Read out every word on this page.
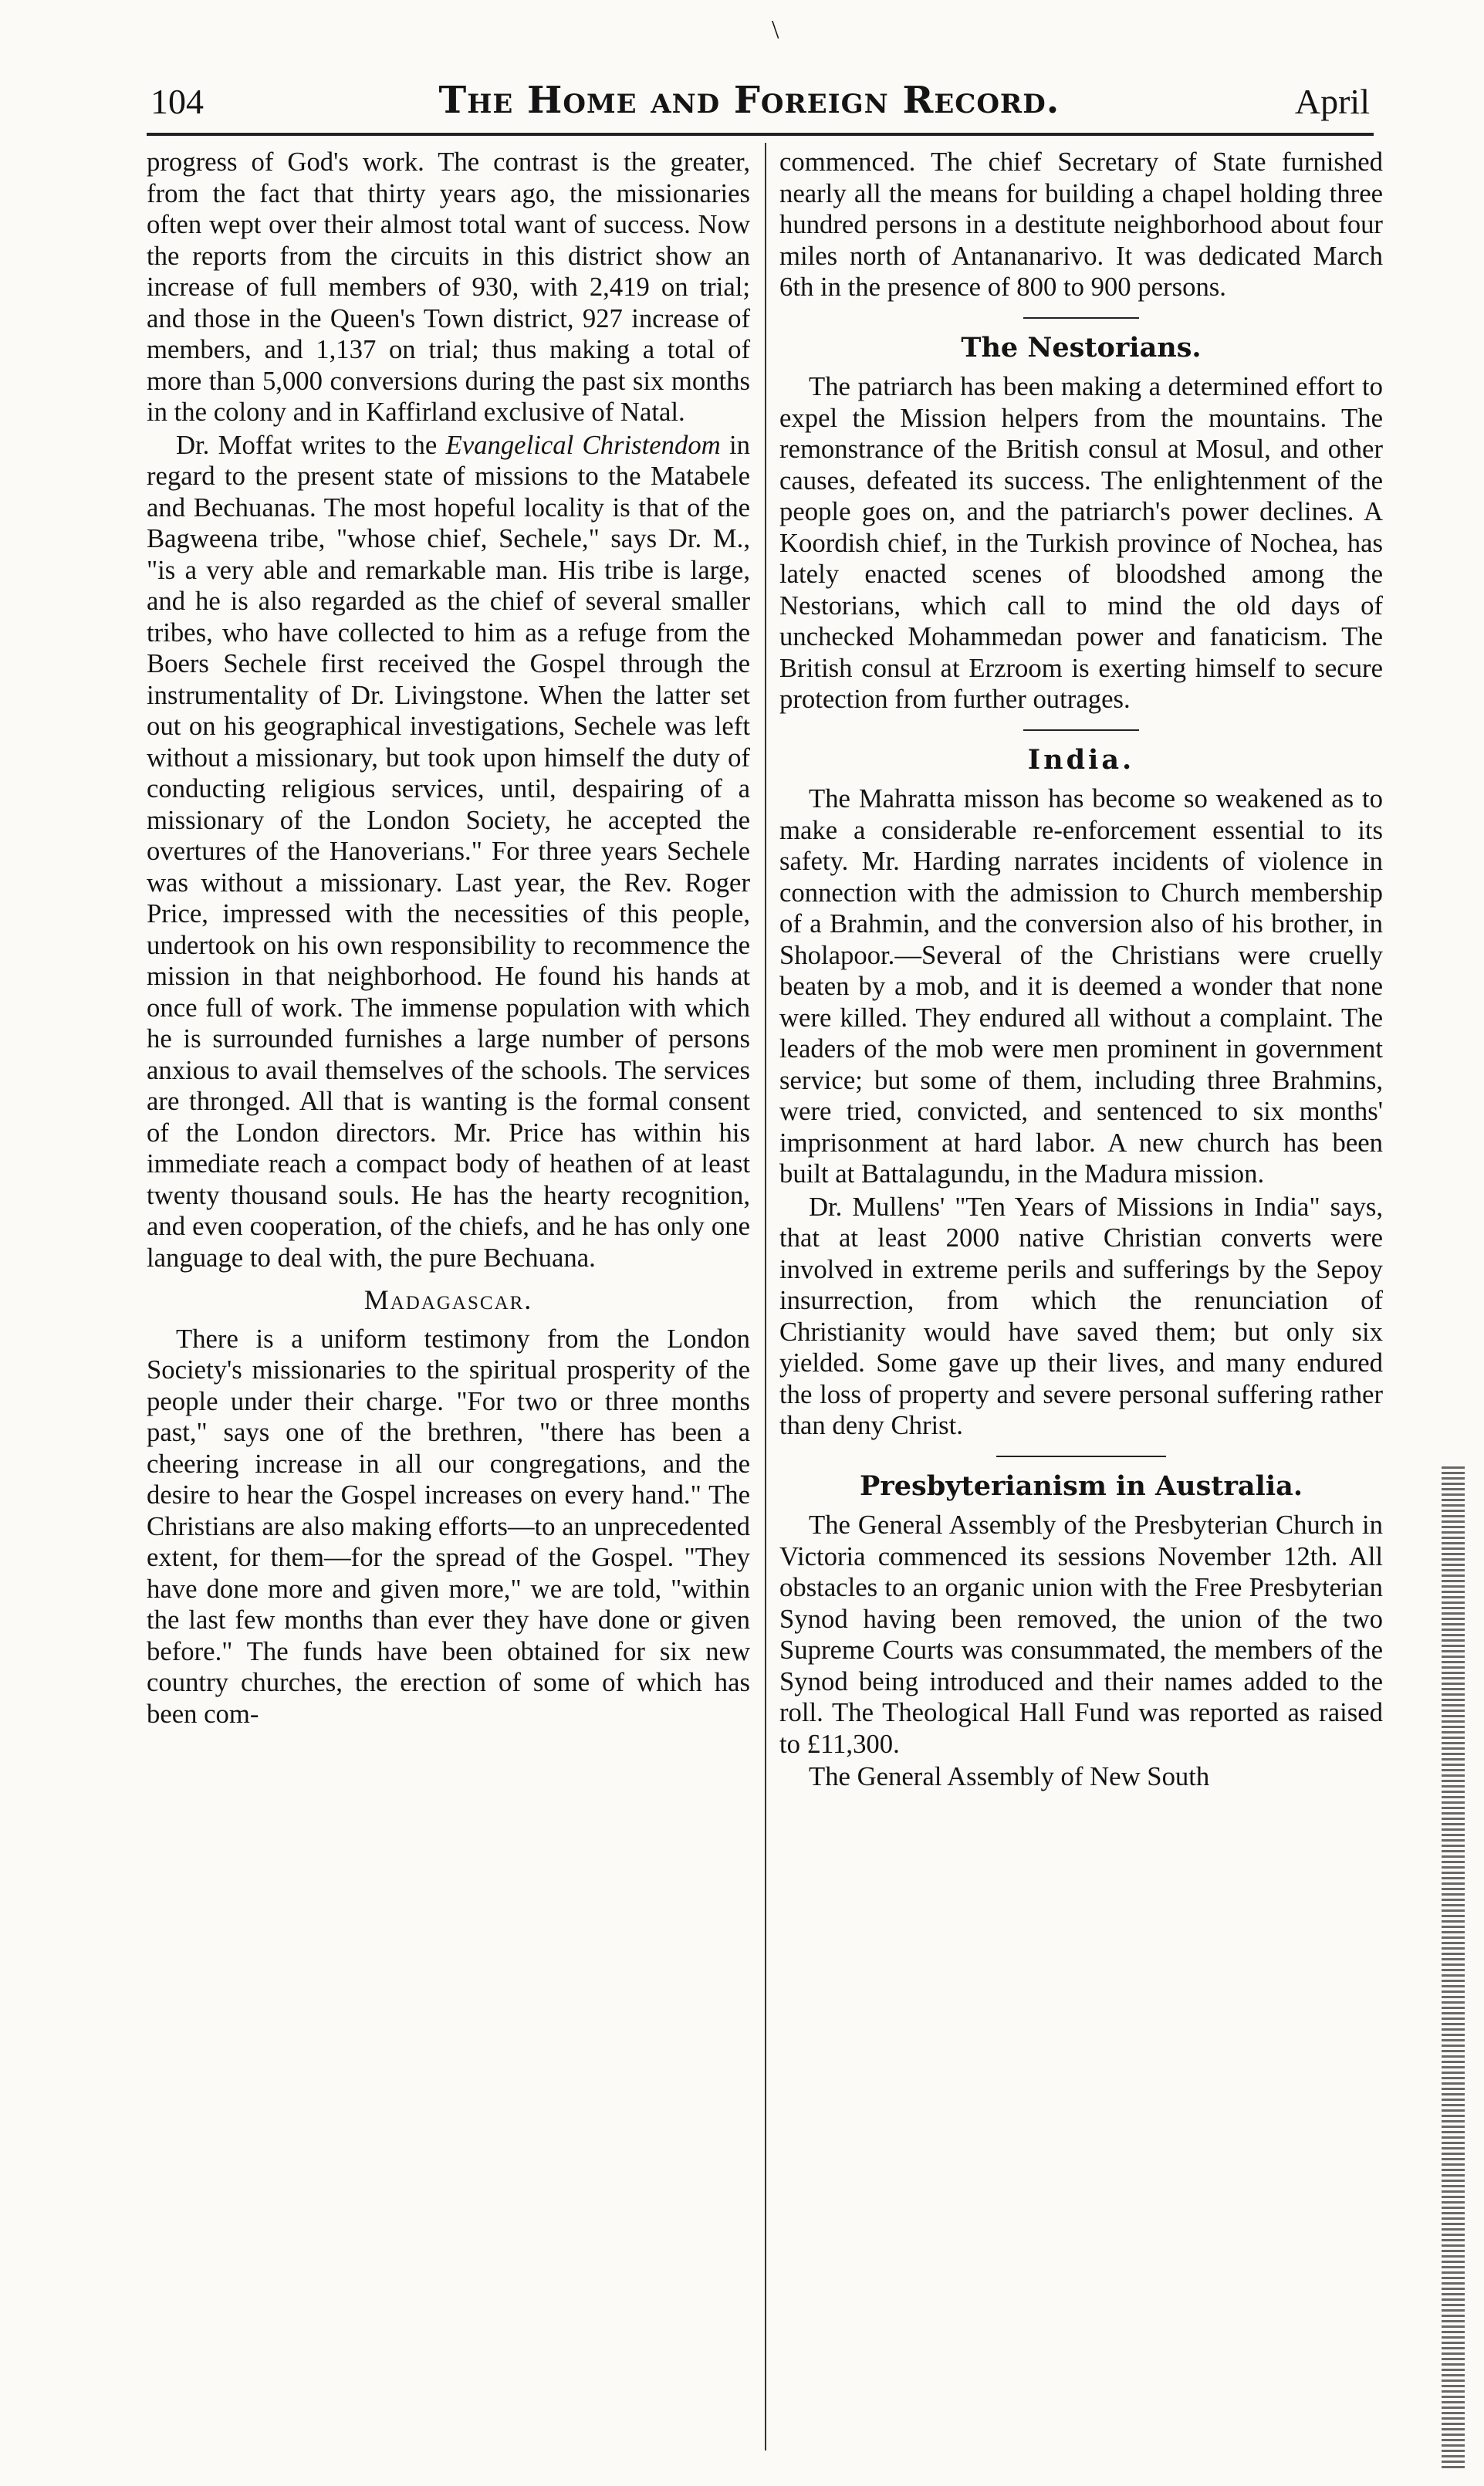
\
104	The Home and Foreign Record.	April

progress of God's work. The contrast is the greater, from the fact that thirty years ago, the missionaries often wept over their almost total want of success. Now the reports from the circuits in this district show an increase of full members of 930, with 2,419 on trial; and those in the Queen's Town district, 927 increase of members, and 1,137 on trial; thus making a total of more than 5,000 conversions during the past six months in the colony and in Kaffirland exclusive of Natal.

Dr. Moffat writes to the Evangelical Christendom in regard to the present state of missions to the Matabele and Bechuanas. The most hopeful locality is that of the Bagweena tribe, "whose chief, Sechele," says Dr. M., "is a very able and remarkable man. His tribe is large, and he is also regarded as the chief of several smaller tribes, who have collected to him as a refuge from the Boers Sechele first received the Gospel through the instrumentality of Dr. Livingstone. When the latter set out on his geographical investigations, Sechele was left without a missionary, but took upon himself the duty of conducting religious services, until, despairing of a missionary of the London Society, he accepted the overtures of the Hanoverians." For three years Sechele was without a missionary. Last year, the Rev. Roger Price, impressed with the necessities of this people, undertook on his own responsibility to recommence the mission in that neighborhood. He found his hands at once full of work. The immense population with which he is surrounded furnishes a large number of persons anxious to avail themselves of the schools. The services are thronged. All that is wanting is the formal consent of the London directors. Mr. Price has within his immediate reach a compact body of heathen of at least twenty thousand souls. He has the hearty recognition, and even cooperation, of the chiefs, and he has only one language to deal with, the pure Bechuana.

Madagascar.

There is a uniform testimony from the London Society's missionaries to the spiritual prosperity of the people under their charge. "For two or three months past," says one of the brethren, "there has been a cheering increase in all our congregations, and the desire to hear the Gospel increases on every hand." The Christians are also making efforts—to an unprecedented extent, for them—for the spread of the Gospel. "They have done more and given more," we are told, "within the last few months than ever they have done or given before." The funds have been obtained for six new country churches, the erection of some of which has been com-

commenced. The chief Secretary of State furnished nearly all the means for building a chapel holding three hundred persons in a destitute neighborhood about four miles north of Antananarivo. It was dedicated March 6th in the presence of 800 to 900 persons.

The Nestorians.

The patriarch has been making a determined effort to expel the Mission helpers from the mountains. The remonstrance of the British consul at Mosul, and other causes, defeated its success. The enlightenment of the people goes on, and the patriarch's power declines. A Koordish chief, in the Turkish province of Nochea, has lately enacted scenes of bloodshed among the Nestorians, which call to mind the old days of unchecked Mohammedan power and fanaticism. The British consul at Erzroom is exerting himself to secure protection from further outrages.

India.

The Mahratta misson has become so weakened as to make a considerable re-enforcement essential to its safety. Mr. Harding narrates incidents of violence in connection with the admission to Church membership of a Brahmin, and the conversion also of his brother, in Sholapoor.—Several of the Christians were cruelly beaten by a mob, and it is deemed a wonder that none were killed. They endured all without a complaint. The leaders of the mob were men prominent in government service; but some of them, including three Brahmins, were tried, convicted, and sentenced to six months' imprisonment at hard labor. A new church has been built at Battalagundu, in the Madura mission.

Dr. Mullens' "Ten Years of Missions in India" says, that at least 2000 native Christian converts were involved in extreme perils and sufferings by the Sepoy insurrection, from which the renunciation of Christianity would have saved them; but only six yielded. Some gave up their lives, and many endured the loss of property and severe personal suffering rather than deny Christ.

Presbyterianism in Australia.

The General Assembly of the Presbyterian Church in Victoria commenced its sessions November 12th. All obstacles to an organic union with the Free Presbyterian Synod having been removed, the union of the two Supreme Courts was consummated, the members of the Synod being introduced and their names added to the roll. The Theological Hall Fund was reported as raised to £11,300.

The General Assembly of New South
